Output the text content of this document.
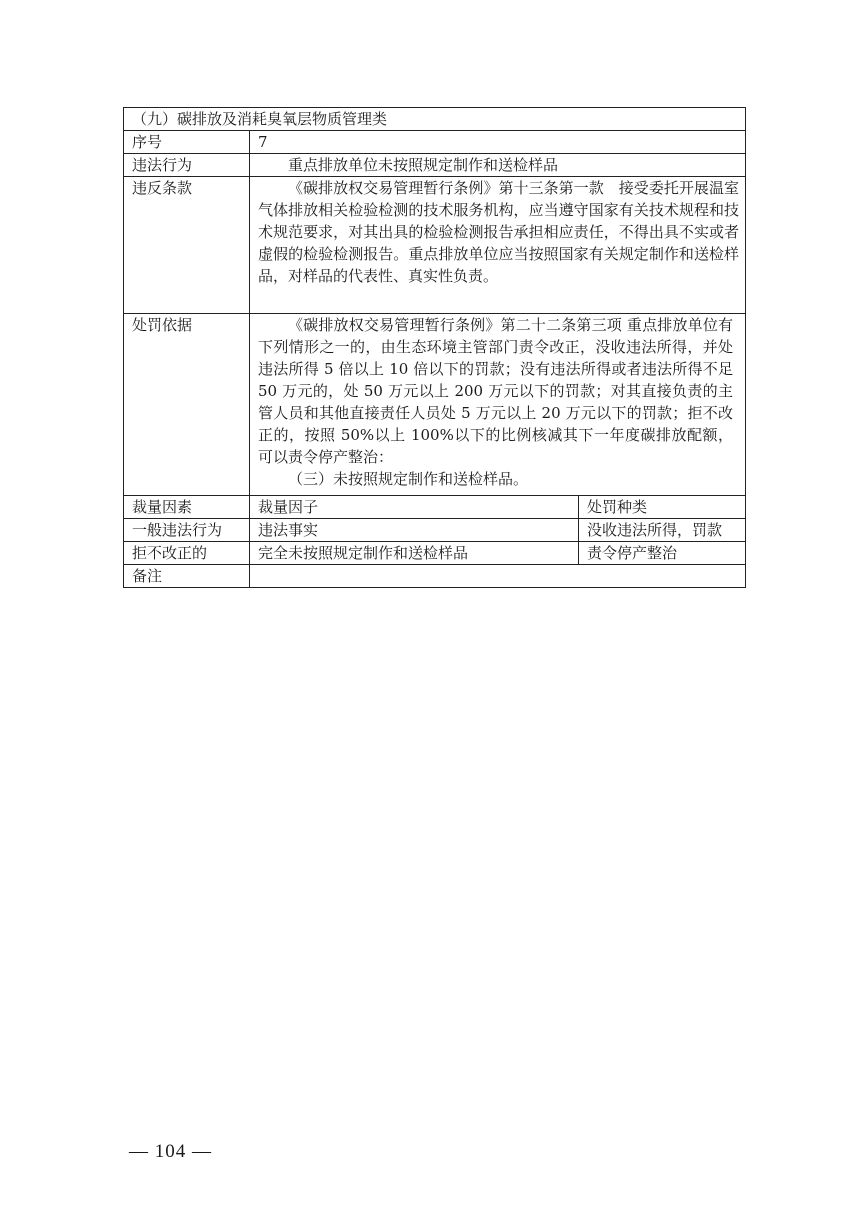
（九）碳排放及消耗臭氧层物质管理类		
序号	7	
违法行为	重点排放单位未按照规定制作和送检样品	

违反条款	《碳排放权交易管理暂行条例》第十三条第一款　接受委托开展温室气体排放相关检验检测的技术服务机构，应当遵守国家有关技术规程和技术规范要求，对其出具的检验检测报告承担相应责任，不得出具不实或者虚假的检验检测报告。重点排放单位应当按照国家有关规定制作和送检样品，对样品的代表性、真实性负责。	

处罚依据	《碳排放权交易管理暂行条例》第二十二条第三项 重点排放单位有下列情形之一的，由生态环境主管部门责令改正，没收违法所得，并处违法所得 5 倍以上 10 倍以下的罚款；没有违法所得或者违法所得不足 50 万元的，处 50 万元以上 200 万元以下的罚款；对其直接负责的主管人员和其他直接责任人员处 5 万元以上 20 万元以下的罚款；拒不改正的，按照 50%以上 100%以下的比例核减其下一年度碳排放配额，可以责令停产整治：

（三）未按照规定制作和送检样品。	

裁量因素	裁量因子	处罚种类
一般违法行为	违法事实	没收违法所得，罚款
拒不改正的	完全未按照规定制作和送检样品	责令停产整治
备注		
— 104 —
